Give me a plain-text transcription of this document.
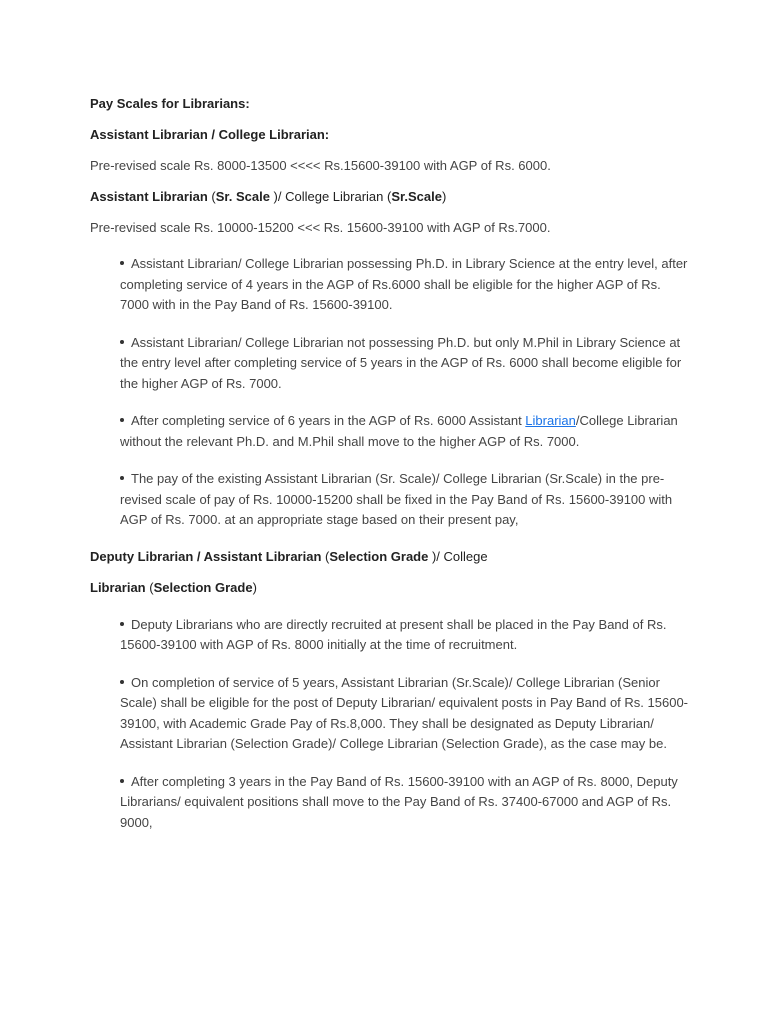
Pay Scales for Librarians:

Assistant Librarian / College Librarian:

Pre-revised scale Rs. 8000-13500 <<<< Rs.15600-39100 with AGP of Rs. 6000.

Assistant Librarian (Sr. Scale )/ College Librarian (Sr.Scale)

Pre-revised scale Rs. 10000-15200 <<< Rs. 15600-39100 with AGP of Rs.7000.

Assistant Librarian/ College Librarian possessing Ph.D. in Library Science at the entry level, after completing service of 4 years in the AGP of Rs.6000 shall be eligible for the higher AGP of Rs. 7000 with in the Pay Band of Rs. 15600-39100.
Assistant Librarian/ College Librarian not possessing Ph.D. but only M.Phil in Library Science at the entry level after completing service of 5 years in the AGP of Rs. 6000 shall become eligible for the higher AGP of Rs. 7000.
After completing service of 6 years in the AGP of Rs. 6000 Assistant Librarian/College Librarian without the relevant Ph.D. and M.Phil shall move to the higher AGP of Rs. 7000.
The pay of the existing Assistant Librarian (Sr. Scale)/ College Librarian (Sr.Scale) in the pre-revised scale of pay of Rs. 10000-15200 shall be fixed in the Pay Band of Rs. 15600-39100 with AGP of Rs. 7000. at an appropriate stage based on their present pay,

Deputy Librarian / Assistant Librarian (Selection Grade )/ College

Librarian (Selection Grade)

Deputy Librarians who are directly recruited at present shall be placed in the Pay Band of Rs. 15600-39100 with AGP of Rs. 8000 initially at the time of recruitment.
On completion of service of 5 years, Assistant Librarian (Sr.Scale)/ College Librarian (Senior Scale) shall be eligible for the post of Deputy Librarian/ equivalent posts in Pay Band of Rs. 15600-39100, with Academic Grade Pay of Rs.8,000. They shall be designated as Deputy Librarian/ Assistant Librarian (Selection Grade)/ College Librarian (Selection Grade), as the case may be.
After completing 3 years in the Pay Band of Rs. 15600-39100 with an AGP of Rs. 8000, Deputy Librarians/ equivalent positions shall move to the Pay Band of Rs. 37400-67000 and AGP of Rs. 9000,
